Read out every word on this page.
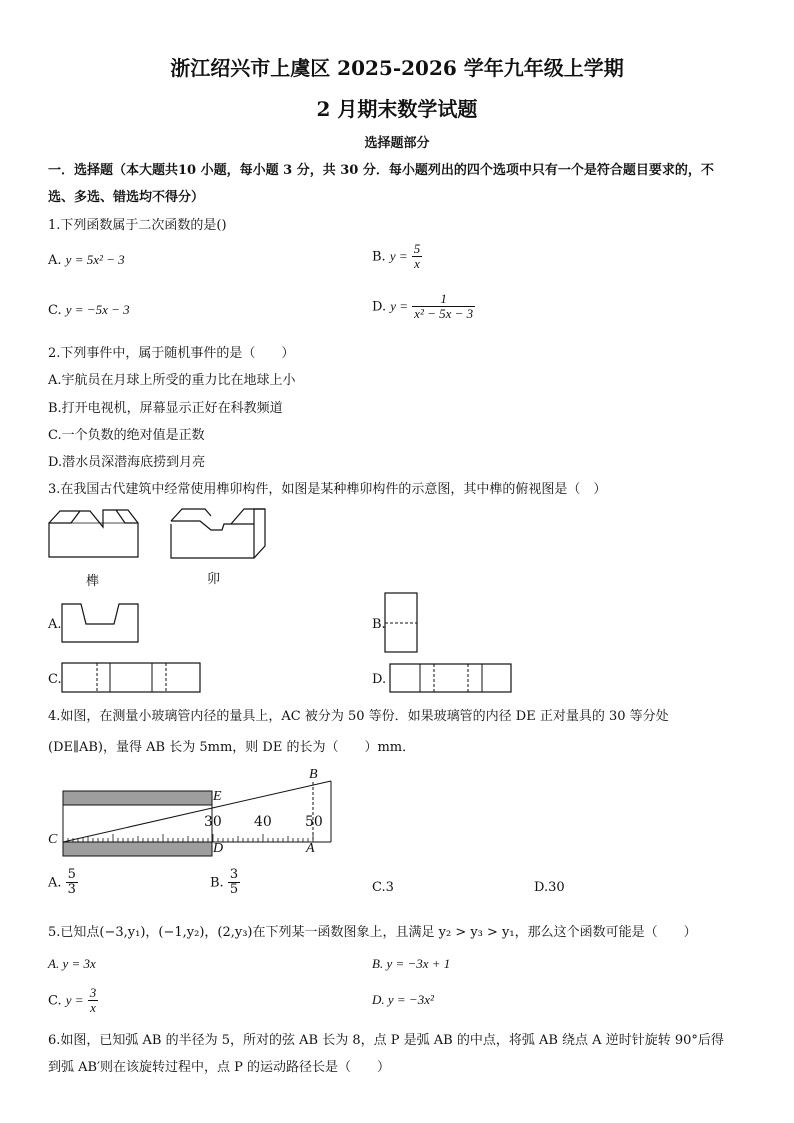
浙江绍兴市上虞区 2025-2026 学年九年级上学期
2 月期末数学试题
选择题部分
一．选择题（本大题共10 小题，每小题 3 分，共 30 分．每小题列出的四个选项中只有一个是符合题目要求的，不
选、多选、错选均不得分）
1.下列函数属于二次函数的是()
A. y = 5x² − 3	B. $y = \frac{5}{x}$
C. y = −5x − 3	D. $y = \frac{1}{\text{x² − 5x − 3}}$
2.下列事件中，属于随机事件的是（　　）
A.宇航员在月球上所受的重力比在地球上小
B.打开电视机，屏幕显示正好在科教频道
C.一个负数的绝对值是正数
D.潜水员深潜海底捞到月亮
3.在我国古代建筑中经常使用榫卯构件，如图是某种榫卯构件的示意图，其中榫的俯视图是（　）
榫	卯
A.	B.
C.	D.
4.如图，在测量小玻璃管内径的量具上，AC 被分为 50 等份．如果玻璃管的内径 DE 正对量具的 30 等分处
(DE∥AB)，量得 AB 长为 5mm，则 DE 的长为（　　）mm．
B
E
C
D	A
30 40 50
A. $\frac{5}{3}$	B. $\frac{3}{5}$	C.3	D.30
5.已知点(−3,y₁)，(−1,y₂)，(2,y₃)在下列某一函数图象上，且满足 y₂ > y₃ > y₁，那么这个函数可能是（　　）
A. y = 3x	B. y = −3x + 1
C. $y = \frac{3}{x}$	D. y = −3x²
6.如图，已知弧 AB 的半径为 5，所对的弦 AB 长为 8，点 P 是弧 AB 的中点，将弧 AB 绕点 A 逆时针旋转 90°后得
到弧 AB′则在该旋转过程中，点 P 的运动路径长是（　　）
